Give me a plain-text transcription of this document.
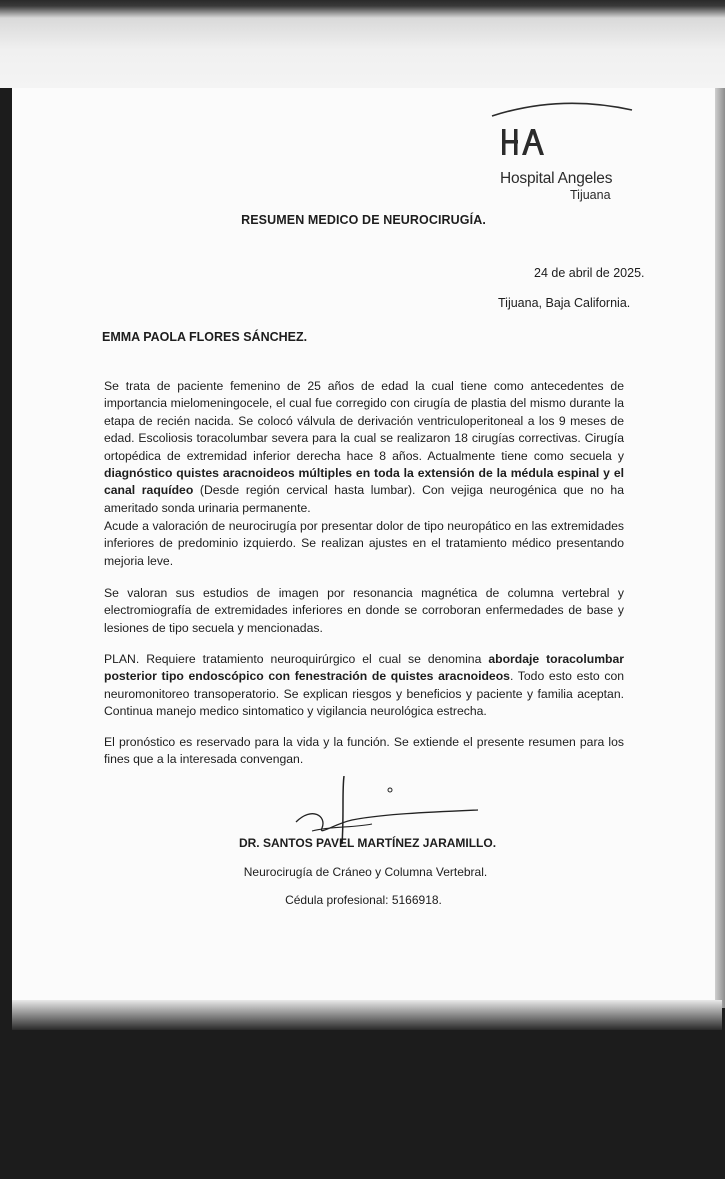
Hospital Angeles
Tijuana
RESUMEN MEDICO DE NEUROCIRUGÍA.
24 de abril de 2025.
Tijuana, Baja California.
EMMA PAOLA FLORES SÁNCHEZ.

Se trata de paciente femenino de 25 años de edad la cual tiene como antecedentes de importancia mielomeningocele, el cual fue corregido con cirugía de plastia del mismo durante la etapa de recién nacida. Se colocó válvula de derivación ventriculoperitoneal a los 9 meses de edad. Escoliosis toracolumbar severa para la cual se realizaron 18 cirugías correctivas. Cirugía ortopédica de extremidad inferior derecha hace 8 años. Actualmente tiene como secuela y diagnóstico quistes aracnoideos múltiples en toda la extensión de la médula espinal y el canal raquídeo (Desde región cervical hasta lumbar). Con vejiga neurogénica que no ha ameritado sonda urinaria permanente.

Acude a valoración de neurocirugía por presentar dolor de tipo neuropático en las extremidades inferiores de predominio izquierdo. Se realizan ajustes en el tratamiento médico presentando mejoria leve.

Se valoran sus estudios de imagen por resonancia magnética de columna vertebral y electromiografía de extremidades inferiores en donde se corroboran enfermedades de base y lesiones de tipo secuela y mencionadas.

PLAN. Requiere tratamiento neuroquirúrgico el cual se denomina abordaje toracolumbar posterior tipo endoscópico con fenestración de quistes aracnoideos. Todo esto esto con neuromonitoreo transoperatorio. Se explican riesgos y beneficios y paciente y familia aceptan. Continua manejo medico sintomatico y vigilancia neurológica estrecha.

El pronóstico es reservado para la vida y la función. Se extiende el presente resumen para los fines que a la interesada convengan.

DR. SANTOS PAVEL MARTÍNEZ JARAMILLO.
Neurocirugía de Cráneo y Columna Vertebral.
Cédula profesional: 5166918.
